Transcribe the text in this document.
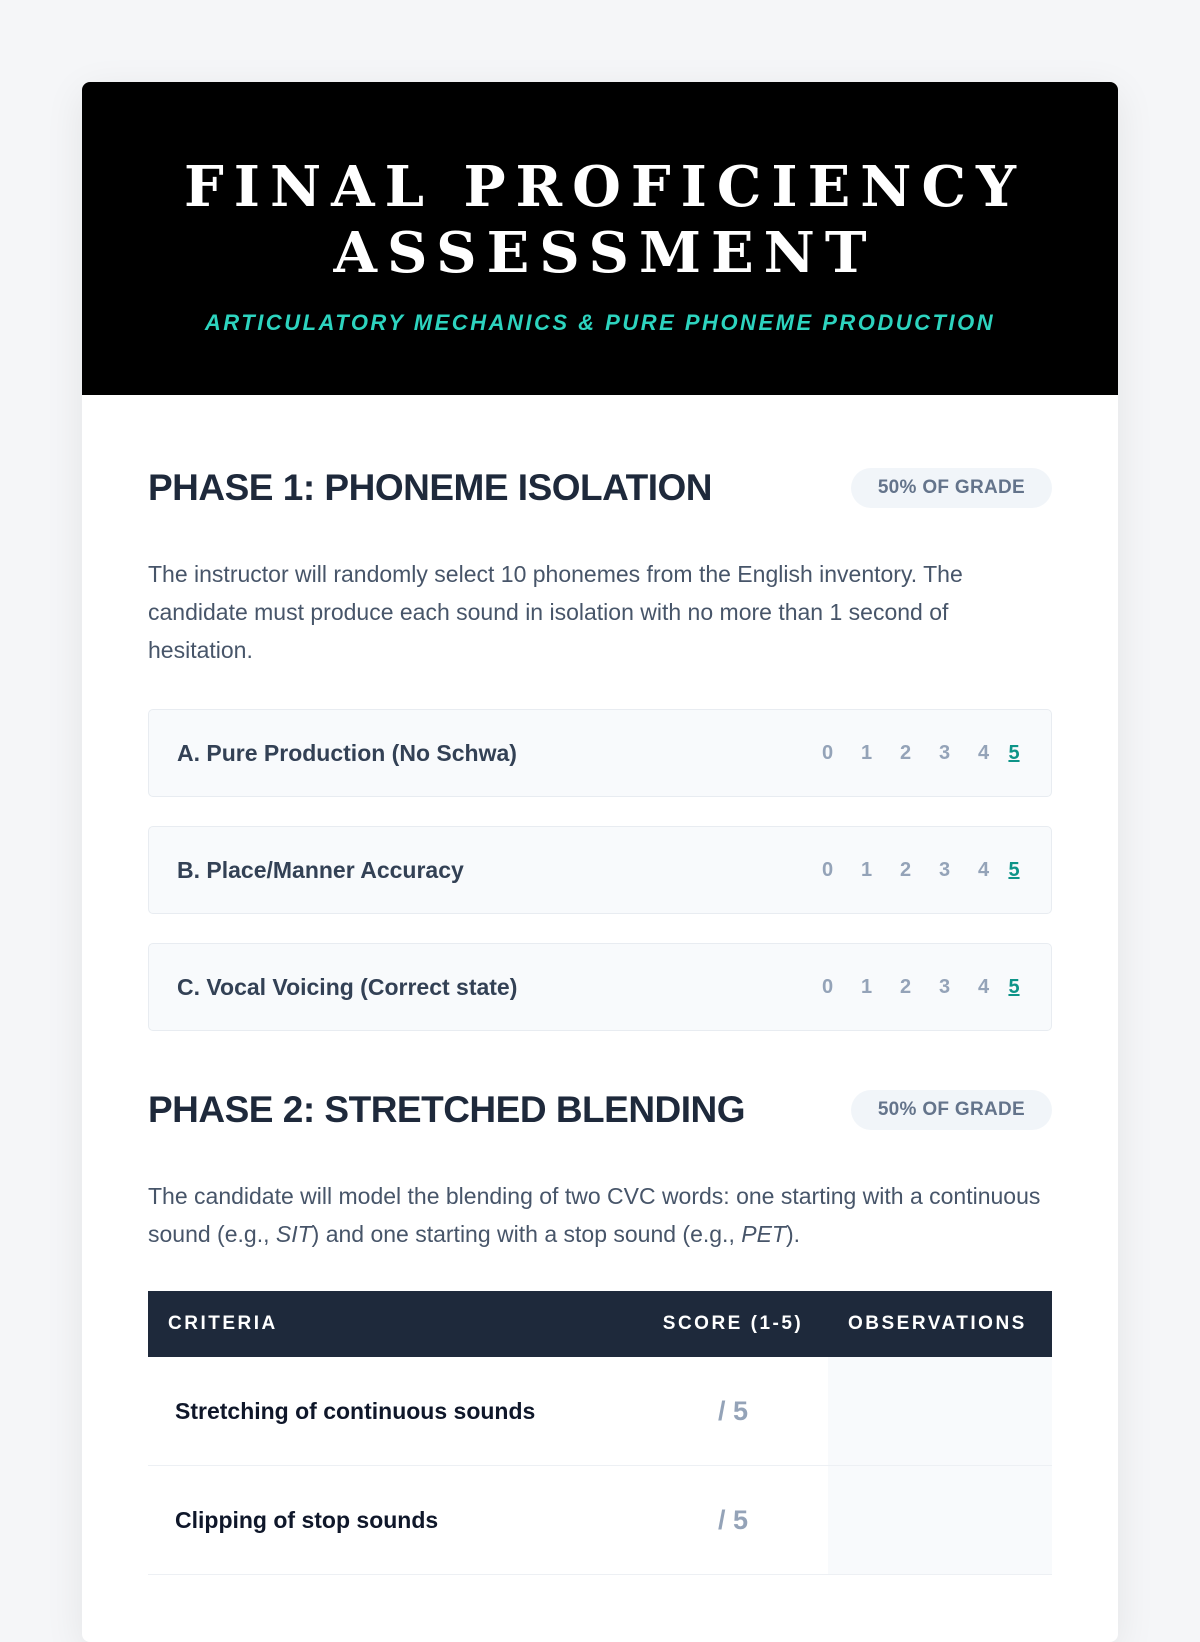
FINAL PROFICIENCY
ASSESSMENT
ARTICULATORY MECHANICS & PURE PHONEME PRODUCTION
PHASE 1: PHONEME ISOLATION	50% OF GRADE

The instructor will randomly select 10 phonemes from the English inventory. The candidate must produce each sound in isolation with no more than 1 second of hesitation.

A. Pure Production (No Schwa)	0	1	2	3	4 5
B. Place/Manner Accuracy	0	1	2	3	4 5
C. Vocal Voicing (Correct state)	0	1	2	3	4 5
PHASE 2: STRETCHED BLENDING	50% OF GRADE

The candidate will model the blending of two CVC words: one starting with a continuous sound (e.g., SIT) and one starting with a stop sound (e.g., PET).

CRITERIA	SCORE (1-5)	OBSERVATIONS
Stretching of continuous sounds	/ 5	
Clipping of stop sounds	/ 5	
